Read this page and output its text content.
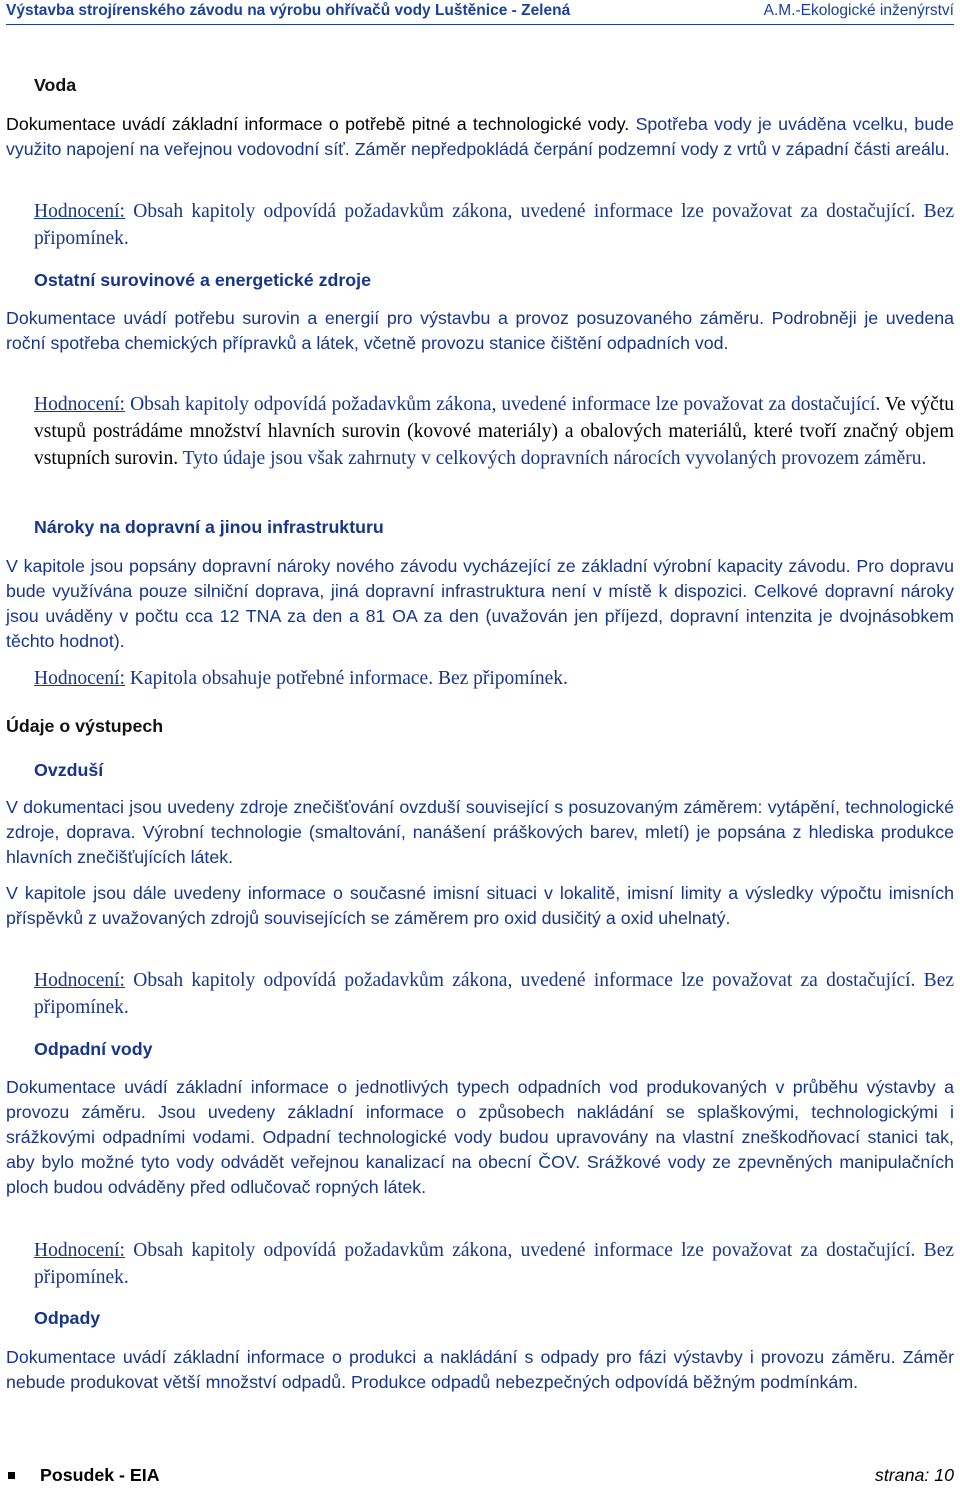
Výstavba strojírenského závodu na výrobu ohřívačů vody Luštěnice - Zelená	A.M.-Ekologické inženýrství
Voda
Dokumentace uvádí základní informace o potřebě pitné a technologické vody. Spotřeba vody je uváděna vcelku, bude využito napojení na veřejnou vodovodní síť. Záměr nepředpokládá čerpání podzemní vody z vrtů v západní části areálu.
Hodnocení: Obsah kapitoly odpovídá požadavkům zákona, uvedené informace lze považovat za dostačující. Bez připomínek.
Ostatní surovinové a energetické zdroje
Dokumentace uvádí potřebu surovin a energií pro výstavbu a provoz posuzovaného záměru. Podrobněji je uvedena roční spotřeba chemických přípravků a látek, včetně provozu stanice čištění odpadních vod.
Hodnocení: Obsah kapitoly odpovídá požadavkům zákona, uvedené informace lze považovat za dostačující. Ve výčtu vstupů postrádáme množství hlavních surovin (kovové materiály) a obalových materiálů, které tvoří značný objem vstupních surovin. Tyto údaje jsou však zahrnuty v celkových dopravních nárocích vyvolaných provozem záměru.
Nároky na dopravní a jinou infrastrukturu
V kapitole jsou popsány dopravní nároky nového závodu vycházející ze základní výrobní kapacity závodu. Pro dopravu bude využívána pouze silniční doprava, jiná dopravní infrastruktura není v místě k dispozici. Celkové dopravní nároky jsou uváděny v počtu cca 12 TNA za den a 81 OA za den (uvažován jen příjezd, dopravní intenzita je dvojnásobkem těchto hodnot).
Hodnocení: Kapitola obsahuje potřebné informace. Bez připomínek.
Údaje o výstupech
Ovzduší
V dokumentaci jsou uvedeny zdroje znečišťování ovzduší související s posuzovaným záměrem: vytápění, technologické zdroje, doprava. Výrobní technologie (smaltování, nanášení práškových barev, mletí) je popsána z hlediska produkce hlavních znečišťujících látek.
V kapitole jsou dále uvedeny informace o současné imisní situaci v lokalitě, imisní limity a výsledky výpočtu imisních příspěvků z uvažovaných zdrojů souvisejících se záměrem pro oxid dusičitý a oxid uhelnatý.
Hodnocení: Obsah kapitoly odpovídá požadavkům zákona, uvedené informace lze považovat za dostačující. Bez připomínek.
Odpadní vody
Dokumentace uvádí základní informace o jednotlivých typech odpadních vod produkovaných v průběhu výstavby a provozu záměru. Jsou uvedeny základní informace o způsobech nakládání se splaškovými, technologickými i srážkovými odpadními vodami. Odpadní technologické vody budou upravovány na vlastní zneškodňovací stanici tak, aby bylo možné tyto vody odvádět veřejnou kanalizací na obecní ČOV. Srážkové vody ze zpevněných manipulačních ploch budou odváděny před odlučovač ropných látek.
Hodnocení: Obsah kapitoly odpovídá požadavkům zákona, uvedené informace lze považovat za dostačující. Bez připomínek.
Odpady
Dokumentace uvádí základní informace o produkci a nakládání s odpady pro fázi výstavby i provozu záměru. Záměr nebude produkovat větší množství odpadů. Produkce odpadů nebezpečných odpovídá běžným podmínkám.
Posudek - EIA	strana: 10
